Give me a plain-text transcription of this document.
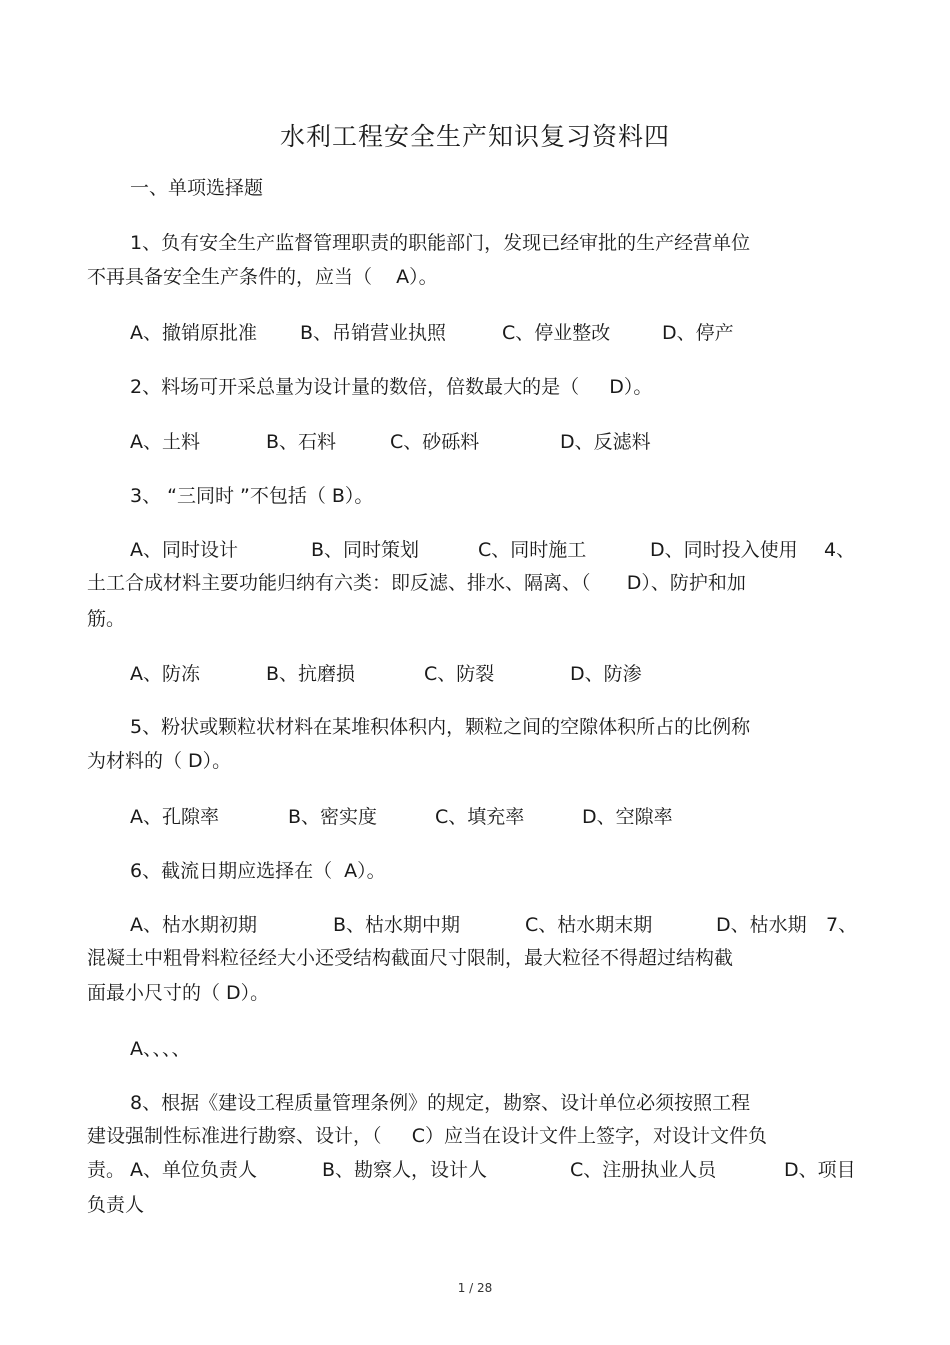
水利工程安全生产知识复习资料四
一、单项选择题
1、负有安全生产监督管理职责的职能部门，发现已经审批的生产经营单位
不再具备安全生产条件的，应当（    A）。
A、撤销原批准 B、吊销营业执照	C、停业整改	D、停产
2、料场可开采总量为设计量的数倍，倍数最大的是（     D）。
A、土料	B、石料	C、砂砾料	D、反滤料
3、 “三同时 ”不包括（ B）。
A、同时设计	B、同时策划	C、同时施工	D、同时投入使用 4、
土工合成材料主要功能归纳有六类：即反滤、排水、隔离、（      D）、防护和加
筋。
A、防冻	B、抗磨损	C、防裂	D、防渗
5、粉状或颗粒状材料在某堆积体积内，颗粒之间的空隙体积所占的比例称
为材料的（ D）。
A、孔隙率	B、密实度	C、填充率	D、空隙率
6、截流日期应选择在（  A）。
A、枯水期初期	B、枯水期中期	C、枯水期末期	D、枯水期 7、
混凝土中粗骨料粒径经大小还受结构截面尺寸限制，最大粒径不得超过结构截
面最小尺寸的（ D）。
A、、、、
8、根据《建设工程质量管理条例》的规定，勘察、设计单位必须按照工程
建设强制性标准进行勘察、设计，（     C）应当在设计文件上签字，对设计文件负
责。 A、单位负责人	B、勘察人，设计人	C、注册执业人员	D、项目
负责人
1 / 28
